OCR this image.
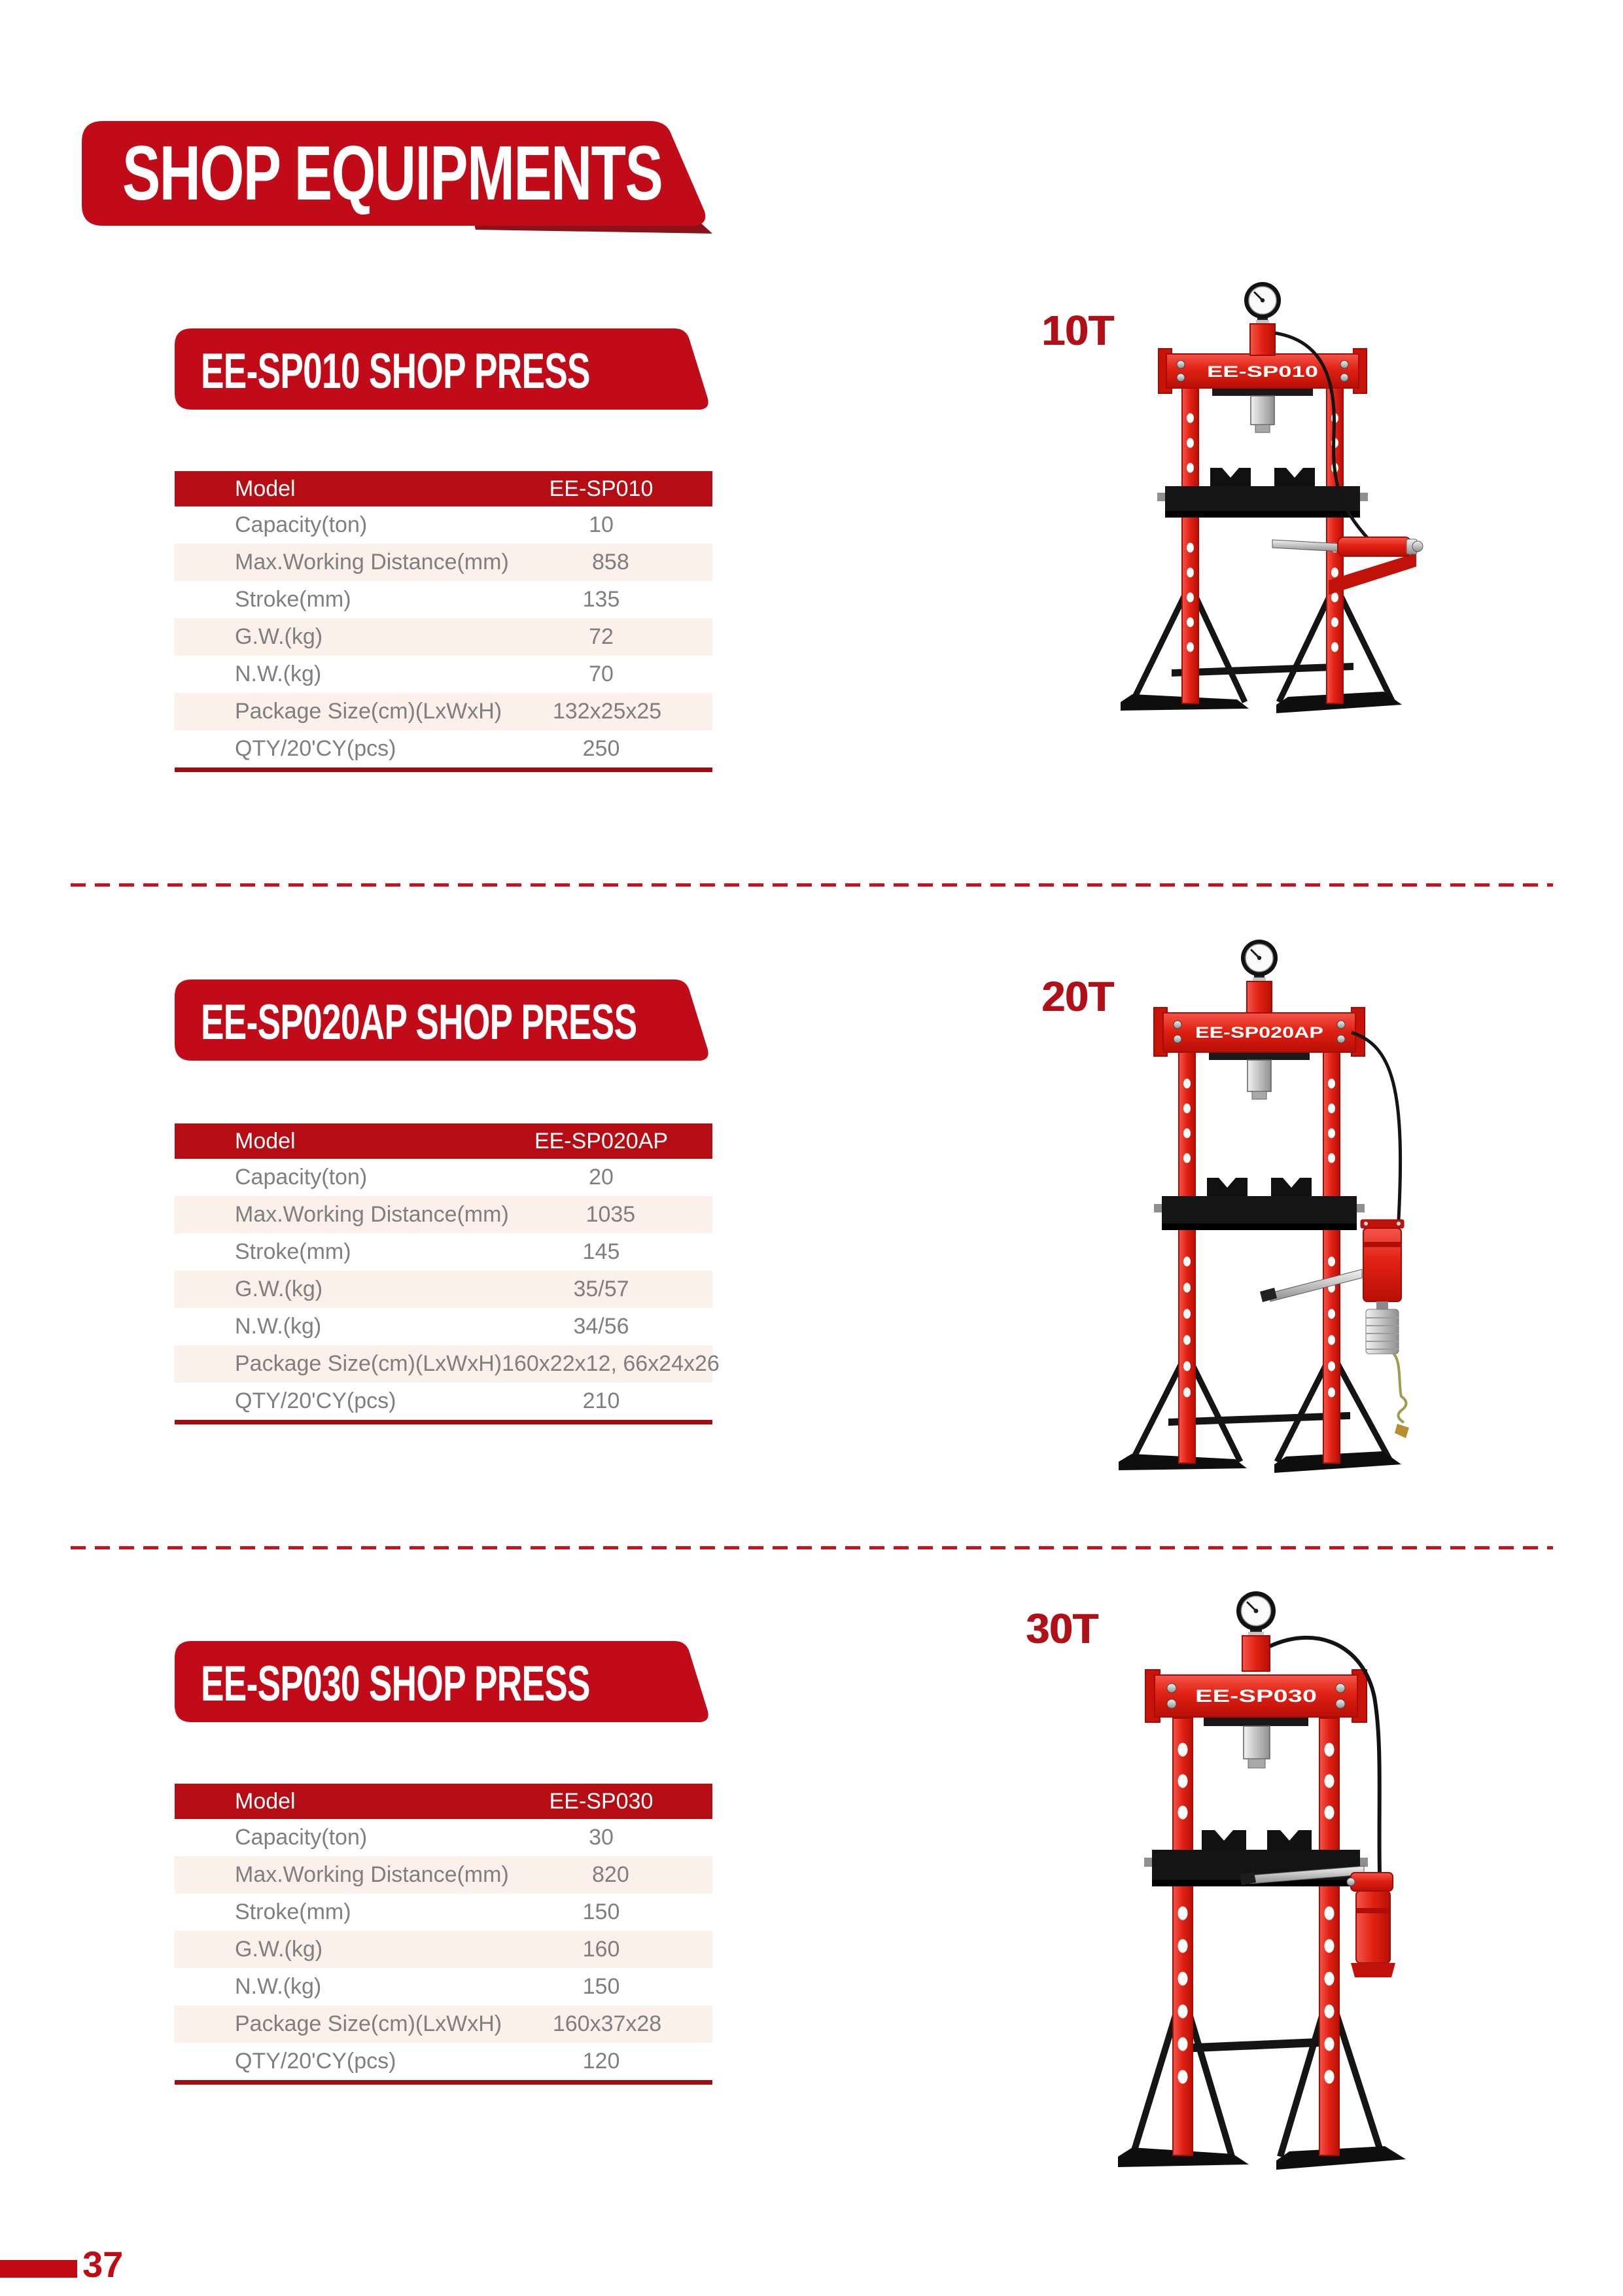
SHOP EQUIPMENTS
EE-SP010 SHOP PRESS
Model	EE-SP010
Capacity(ton)	10
Max.Working Distance(mm)	858
Stroke(mm)	135
G.W.(kg)	72
N.W.(kg)	70
Package Size(cm)(LxWxH)	132x25x25
QTY/20'CY(pcs)	250
10T
EE-SP010
EE-SP020AP SHOP PRESS
Model	EE-SP020AP
Capacity(ton)	20
Max.Working Distance(mm)	1035
Stroke(mm)	145
G.W.(kg)	35/57
N.W.(kg)	34/56
Package Size(cm)(LxWxH) 160x22x12, 66x24x26
QTY/20'CY(pcs)	210
20T
EE-SP020AP
EE-SP030 SHOP PRESS
Model	EE-SP030
Capacity(ton)	30
Max.Working Distance(mm)	820
Stroke(mm)	150
G.W.(kg)	160
N.W.(kg)	150
Package Size(cm)(LxWxH)	160x37x28
QTY/20'CY(pcs)	120
30T
EE-SP030
37
